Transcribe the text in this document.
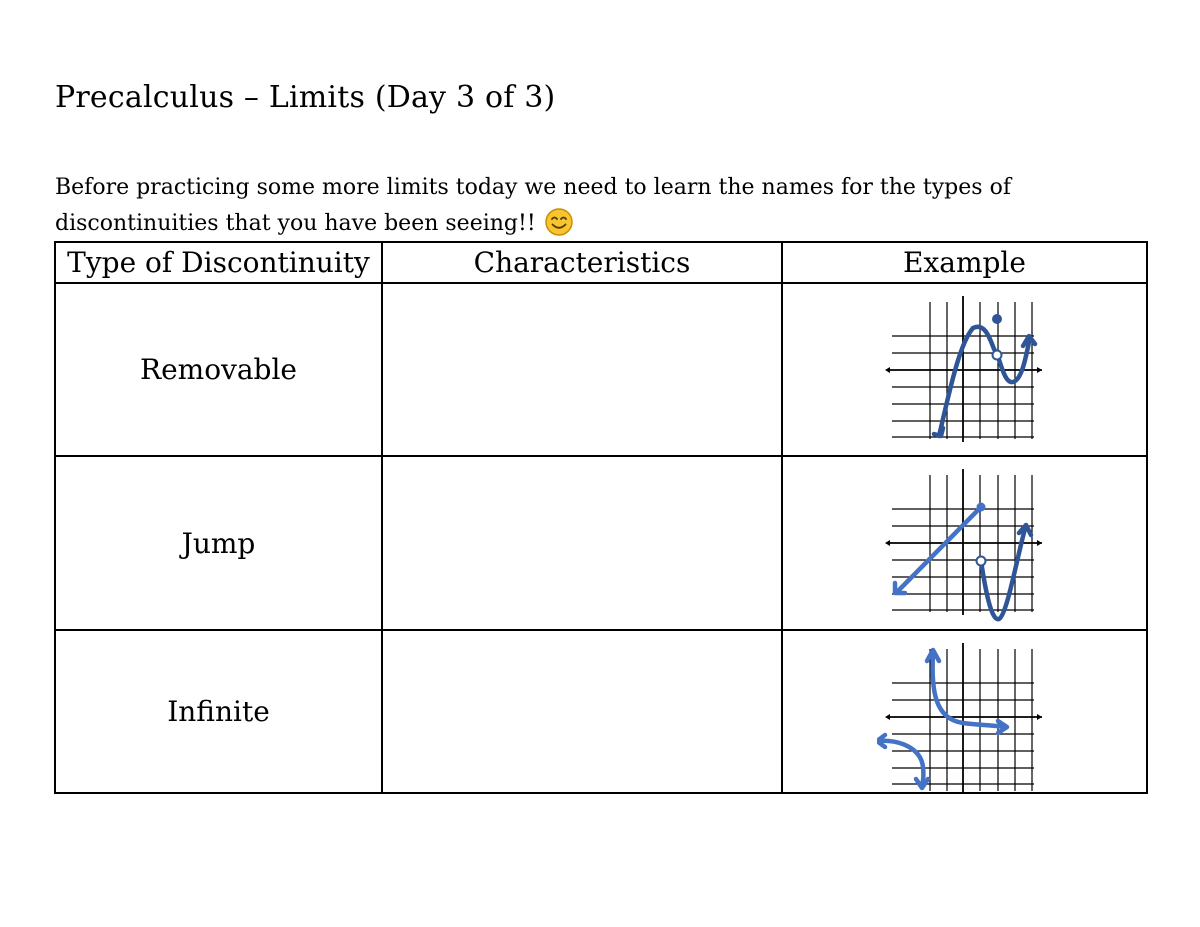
Precalculus – Limits (Day 3 of 3)
Before practicing some more limits today we need to learn the names for the types of discontinuities that you have been seeing!!
Type of Discontinuity	Characteristics	Example
Removable		

Jump		

Infinite		
